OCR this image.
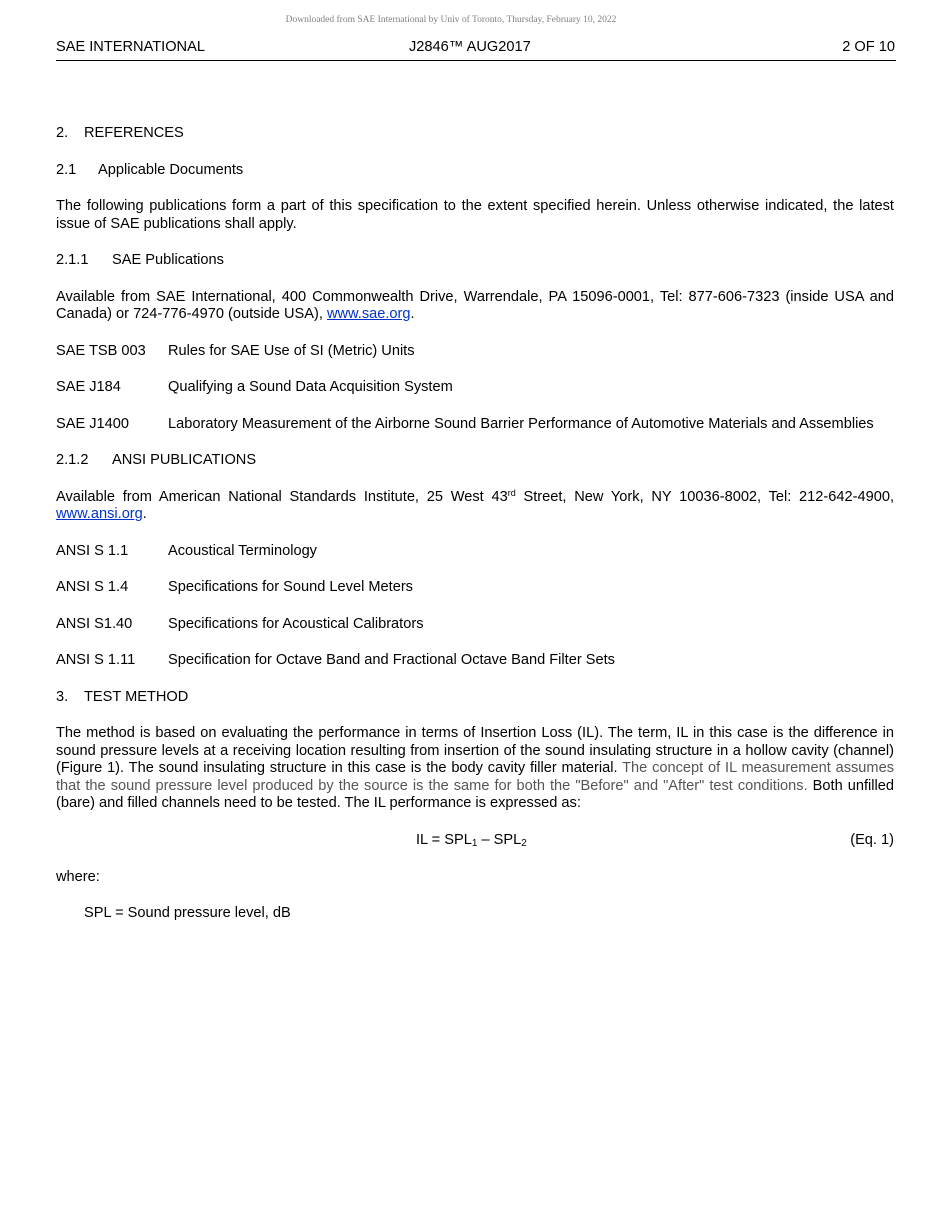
Downloaded from SAE International by Univ of Toronto, Thursday, February 10, 2022
SAE INTERNATIONAL	J2846™ AUG2017	2 OF 10

2. REFERENCES

2.1 Applicable Documents

The following publications form a part of this specification to the extent specified herein. Unless otherwise indicated, the latest issue of SAE publications shall apply.

2.1.1 SAE Publications

Available from SAE International, 400 Commonwealth Drive, Warrendale, PA 15096-0001, Tel: 877-606-7323 (inside USA and Canada) or 724-776-4970 (outside USA), www.sae.org.

SAE TSB 003	Rules for SAE Use of SI (Metric) Units
SAE J184	Qualifying a Sound Data Acquisition System
SAE J1400	Laboratory Measurement of the Airborne Sound Barrier Performance of Automotive Materials and Assemblies

2.1.2 ANSI PUBLICATIONS

Available from American National Standards Institute, 25 West 43rd Street, New York, NY 10036-8002, Tel: 212-642-4900, www.ansi.org.

ANSI S 1.1	Acoustical Terminology
ANSI S 1.4	Specifications for Sound Level Meters
ANSI S1.40	Specifications for Acoustical Calibrators
ANSI S 1.11	Specification for Octave Band and Fractional Octave Band Filter Sets

3. TEST METHOD

The method is based on evaluating the performance in terms of Insertion Loss (IL). The term, IL in this case is the difference in sound pressure levels at a receiving location resulting from insertion of the sound insulating structure in a hollow cavity (channel) (Figure 1). The sound insulating structure in this case is the body cavity filler material. The concept of IL measurement assumes that the sound pressure level produced by the source is the same for both the "Before" and "After" test conditions. Both unfilled (bare) and filled channels need to be tested. The IL performance is expressed as:

IL = $SPL_1 - SPL_2$	(Eq. 1)

where:

SPL = Sound pressure level, dB
